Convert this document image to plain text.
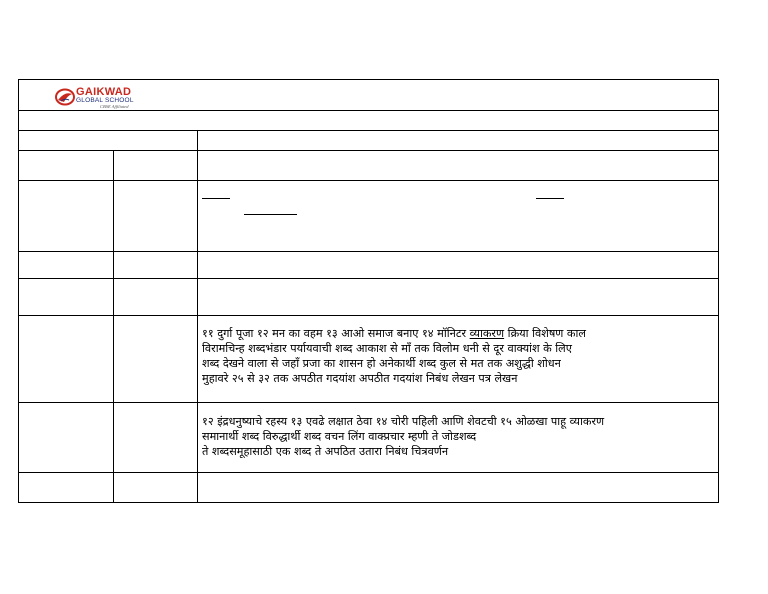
GAIKWAD
GLOBAL SCHOOL
CBSE Affiliated
११ दुर्गा पूजा १२ मन का वहम १३ आओ समाज बनाए १४ मॉनिटर व्याकरण क्रिया विशेषण काल
विरामचिन्ह शब्दभंडार पर्यायवाची शब्द आकाश से माँ तक विलोम धनी से दूर वाक्यांश के लिए
शब्द देखने वाला से जहाँ प्रजा का शासन हो अनेकार्थी शब्द कुल से मत तक अशुद्धी शोधन
मुहावरे २५ से ३२ तक अपठीत गदयांश अपठीत गदयांश निबंध लेखन पत्र लेखन
१२ इंद्रधनुष्याचे रहस्य १३ एवढे लक्षात ठेवा १४ चोरी पहिली आणि शेवटची १५ ओळखा पाहू व्याकरण
समानार्थी शब्द विरुद्धार्थी शब्द वचन लिंग वाक्प्रचार म्हणी ते जोडशब्द
ते शब्दसमूहासाठी एक शब्द ते अपठित उतारा निबंध चित्रवर्णन
